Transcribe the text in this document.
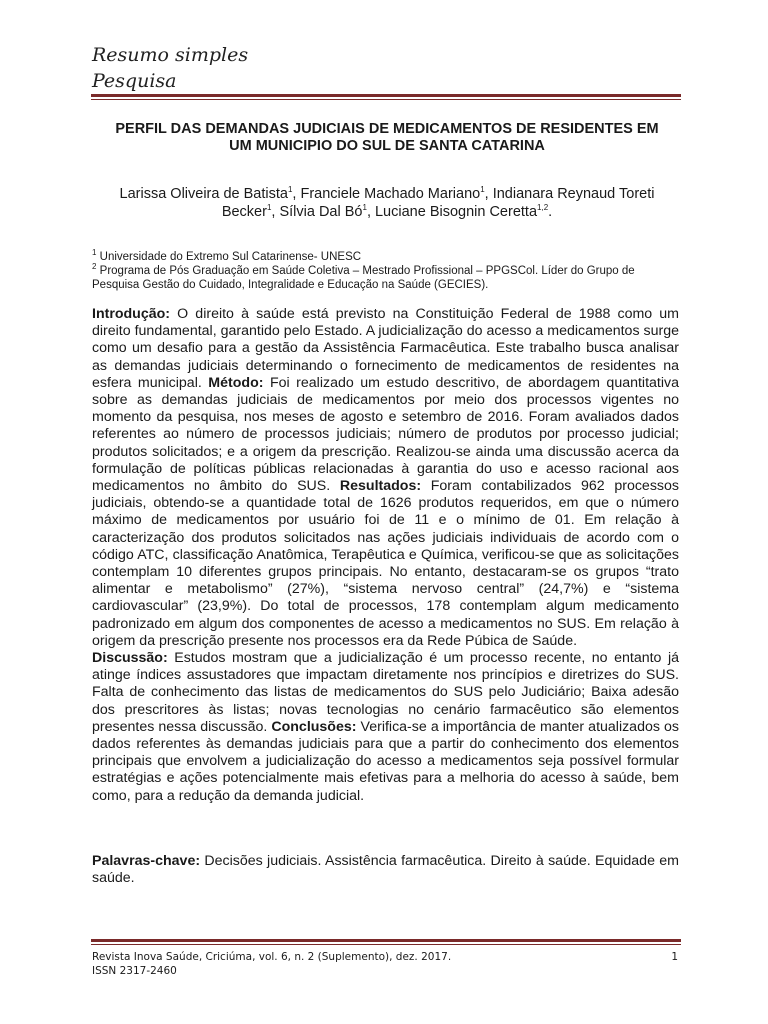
Resumo simples
Pesquisa
PERFIL DAS DEMANDAS JUDICIAIS DE MEDICAMENTOS DE RESIDENTES EM
UM MUNICIPIO DO SUL DE SANTA CATARINA
Larissa Oliveira de Batista$^1$, Franciele Machado Mariano$^1$, Indianara Reynaud Toreti Becker$^1$, Sílvia Dal $Bó^1$, Luciane Bisognin Ceretta$^{1,2}$.
$^1$ Universidade do Extremo Sul Catarinense- UNESC
$^2$ Programa de Pós Graduação em Saúde Coletiva – Mestrado Profissional – PPGSCol. Líder do Grupo de Pesquisa Gestão do Cuidado, Integralidade e Educação na Saúde (GECIES).
Introdução: O direito à saúde está previsto na Constituição Federal de 1988 como um direito fundamental, garantido pelo Estado. A judicialização do acesso a medicamentos surge como um desafio para a gestão da Assistência Farmacêutica. Este trabalho busca analisar as demandas judiciais determinando o fornecimento de medicamentos de residentes na esfera municipal. Método: Foi realizado um estudo descritivo, de abordagem quantitativa sobre as demandas judiciais de medicamentos por meio dos processos vigentes no momento da pesquisa, nos meses de agosto e setembro de 2016. Foram avaliados dados referentes ao número de processos judiciais; número de produtos por processo judicial; produtos solicitados; e a origem da prescrição. Realizou-se ainda uma discussão acerca da formulação de políticas públicas relacionadas à garantia do uso e acesso racional aos medicamentos no âmbito do SUS. Resultados: Foram contabilizados 962 processos judiciais, obtendo-se a quantidade total de 1626 produtos requeridos, em que o número máximo de medicamentos por usuário foi de 11 e o mínimo de 01. Em relação à caracterização dos produtos solicitados nas ações judiciais individuais de acordo com o código ATC, classificação Anatômica, Terapêutica e Química, verificou-se que as solicitações contemplam 10 diferentes grupos principais. No entanto, destacaram-se os grupos “trato alimentar e metabolismo” (27%), “sistema nervoso central” (24,7%) e “sistema cardiovascular” (23,9%). Do total de processos, 178 contemplam algum medicamento padronizado em algum dos componentes de acesso a medicamentos no SUS. Em relação à origem da prescrição presente nos processos era da Rede Púbica de Saúde.
Discussão: Estudos mostram que a judicialização é um processo recente, no entanto já atinge índices assustadores que impactam diretamente nos princípios e diretrizes do SUS. Falta de conhecimento das listas de medicamentos do SUS pelo Judiciário; Baixa adesão dos prescritores às listas; novas tecnologias no cenário farmacêutico são elementos presentes nessa discussão. Conclusões: Verifica-se a importância de manter atualizados os dados referentes às demandas judiciais para que a partir do conhecimento dos elementos principais que envolvem a judicialização do acesso a medicamentos seja possível formular estratégias e ações potencialmente mais efetivas para a melhoria do acesso à saúde, bem como, para a redução da demanda judicial.
Palavras-chave: Decisões judiciais. Assistência farmacêutica. Direito à saúde. Equidade em saúde.
Revista Inova Saúde, Criciúma, vol. 6, n. 2 (Suplemento), dez. 2017.
ISSN 2317-2460
1
